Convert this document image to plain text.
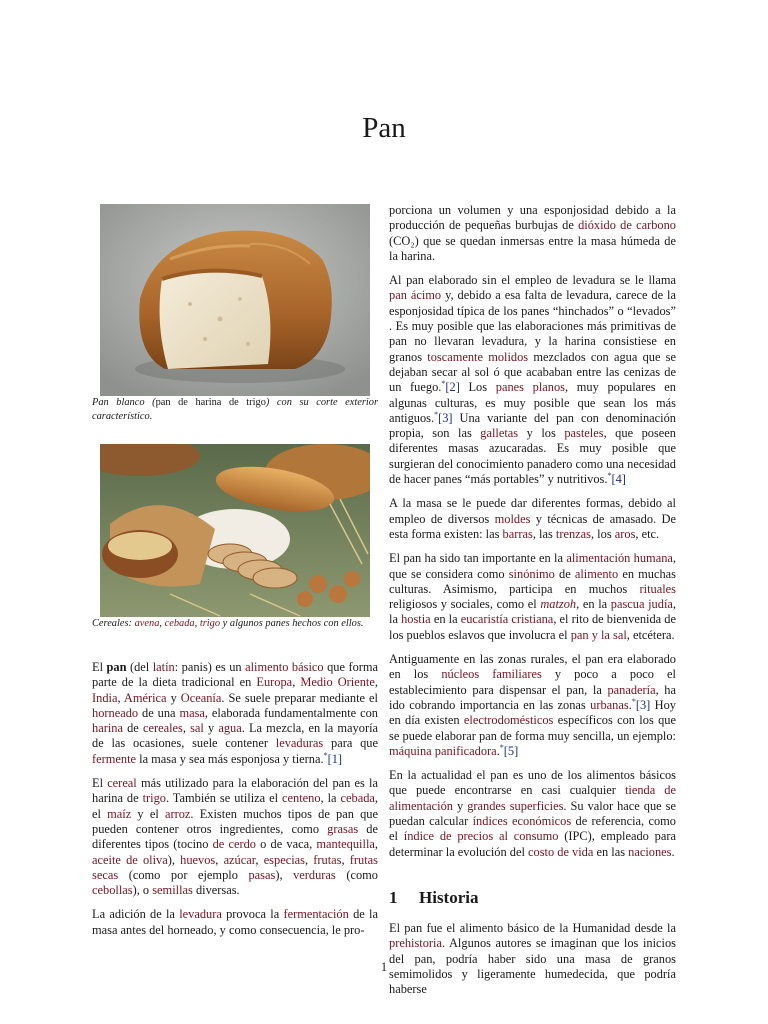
Pan

Pan blanco (pan de harina de trigo) con su corte exterior característico.

Cereales: avena, cebada, trigo y algunos panes hechos con ellos.

El pan (del latín: panis) es un alimento básico que forma parte de la dieta tradicional en Europa, Medio Oriente, India, América y Oceanía. Se suele preparar mediante el horneado de una masa, elaborada fundamentalmente con harina de cereales, sal y agua. La mezcla, en la mayoría de las ocasiones, suele contener levaduras para que fermente la masa y sea más esponjosa y tierna.*[1]

El cereal más utilizado para la elaboración del pan es la harina de trigo. También se utiliza el centeno, la cebada, el maíz y el arroz. Existen muchos tipos de pan que pueden contener otros ingredientes, como grasas de diferentes tipos (tocino de cerdo o de vaca, mantequilla, aceite de oliva), huevos, azúcar, especias, frutas, frutas secas (como por ejemplo pasas), verduras (como cebollas), o semillas diversas.

La adición de la levadura provoca la fermentación de la masa antes del horneado, y como consecuencia, le pro-

porciona un volumen y una esponjosidad debido a la producción de pequeñas burbujas de dióxido de carbono (CO₂) que se quedan inmersas entre la masa húmeda de la harina.

Al pan elaborado sin el empleo de levadura se le llama pan ácimo y, debido a esa falta de levadura, carece de la esponjosidad típica de los panes “hinchados” o “levados” . Es muy posible que las elaboraciones más primitivas de pan no llevaran levadura, y la harina consistiese en granos toscamente molidos mezclados con agua que se dejaban secar al sol ó que acababan entre las cenizas de un fuego.*[2] Los panes planos, muy populares en algunas culturas, es muy posible que sean los más antiguos.*[3] Una variante del pan con denominación propia, son las galletas y los pasteles, que poseen diferentes masas azucaradas. Es muy posible que surgieran del conocimiento panadero como una necesidad de hacer panes “más portables” y nutritivos.*[4]

A la masa se le puede dar diferentes formas, debido al empleo de diversos moldes y técnicas de amasado. De esta forma existen: las barras, las trenzas, los aros, etc.

El pan ha sido tan importante en la alimentación humana, que se considera como sinónimo de alimento en muchas culturas. Asimismo, participa en muchos rituales religiosos y sociales, como el matzoh, en la pascua judía, la hostia en la eucaristía cristiana, el rito de bienvenida de los pueblos eslavos que involucra el pan y la sal, etcétera.

Antiguamente en las zonas rurales, el pan era elaborado en los núcleos familiares y poco a poco el establecimiento para dispensar el pan, la panadería, ha ido cobrando importancia en las zonas urbanas.*[3] Hoy en día existen electrodomésticos específicos con los que se puede elaborar pan de forma muy sencilla, un ejemplo: máquina panificadora.*[5]

En la actualidad el pan es uno de los alimentos básicos que puede encontrarse en casi cualquier tienda de alimentación y grandes superficies. Su valor hace que se puedan calcular índices económicos de referencia, como el índice de precios al consumo (IPC), empleado para determinar la evolución del costo de vida en las naciones.

1 Historia

El pan fue el alimento básico de la Humanidad desde la prehistoria. Algunos autores se imaginan que los inicios del pan, podría haber sido una masa de granos semimolidos y ligeramente humedecida, que podría haberse

1
